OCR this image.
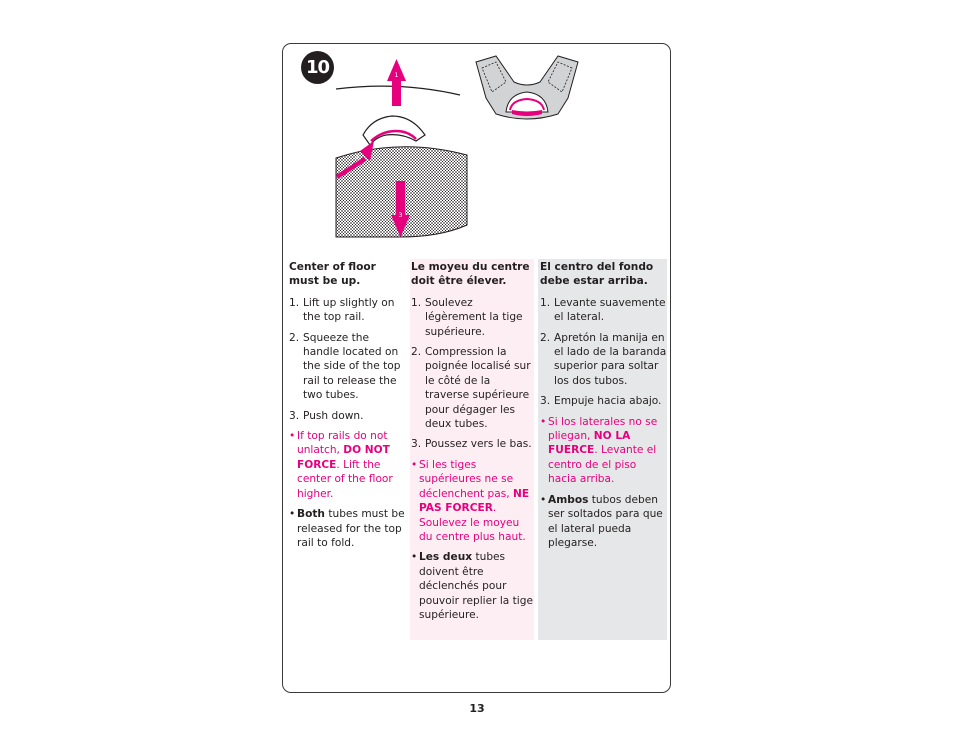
10	1
2
3
Center of floor must be up.
1. Lift up slightly on the top rail.
2. Squeeze the handle located on the side of the top rail to release the two tubes.
3. Push down.
• If top rails do not unlatch, DO NOT FORCE. Lift the center of the floor higher.
• Both tubes must be released for the top rail to fold.
Le moyeu du centre doit être élever.
1. Soulevez légèrement la tige supérieure.
2. Compression la poignée localisé sur le côté de la traverse supérieure pour dégager les deux tubes.
3. Poussez vers le bas.
• Si les tiges supérieures ne se déclenchent pas, NE PAS FORCER. Soulevez le moyeu du centre plus haut.
• Les deux tubes doivent être déclenchés pour pouvoir replier la tige supérieure.
El centro del fondo debe estar arriba.
1. Levante suavemente el lateral.
2. Apretón la manija en el lado de la baranda superior para soltar los dos tubos.
3. Empuje hacia abajo.
• Si los laterales no se pliegan, NO LA FUERCE. Levante el centro de el piso hacia arriba.
• Ambos tubos deben ser soltados para que el lateral pueda plegarse.
13
